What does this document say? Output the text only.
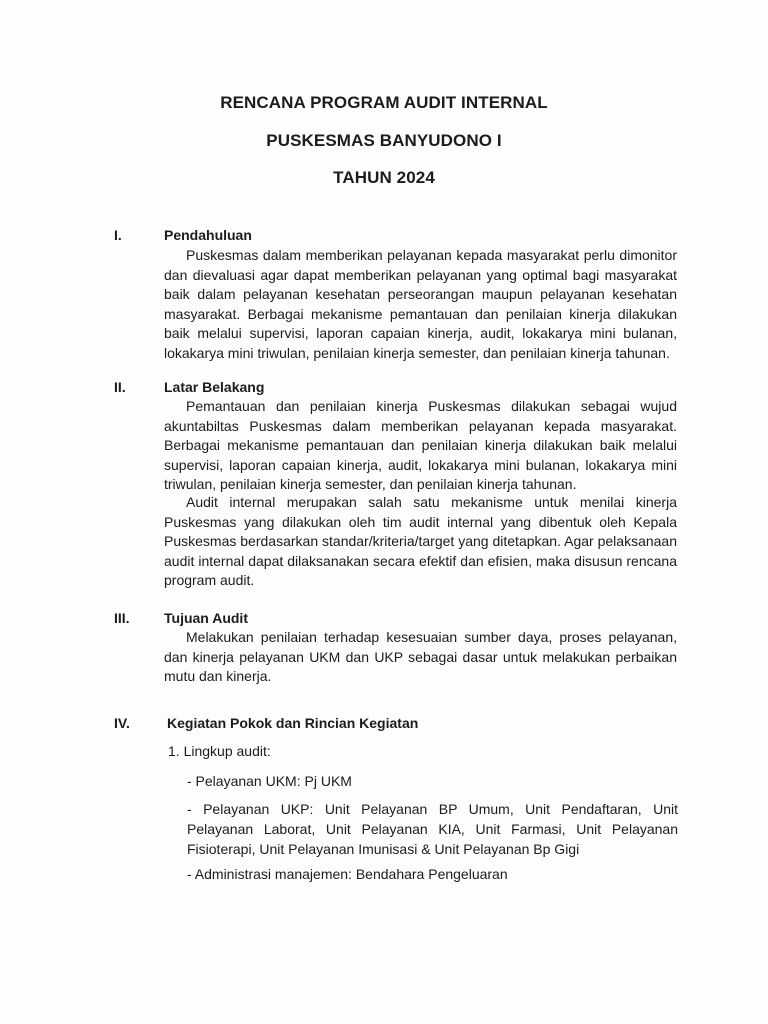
RENCANA PROGRAM AUDIT INTERNAL
PUSKESMAS BANYUDONO I
TAHUN 2024
I.	Pendahuluan

Puskesmas dalam memberikan pelayanan kepada masyarakat perlu dimonitor dan dievaluasi agar dapat memberikan pelayanan yang optimal bagi masyarakat baik dalam pelayanan kesehatan perseorangan maupun pelayanan kesehatan masyarakat. Berbagai mekanisme pemantauan dan penilaian kinerja dilakukan baik melalui supervisi, laporan capaian kinerja, audit, lokakarya mini bulanan, lokakarya mini triwulan, penilaian kinerja semester, dan penilaian kinerja tahunan.

II.	Latar Belakang

Pemantauan dan penilaian kinerja Puskesmas dilakukan sebagai wujud akuntabiltas Puskesmas dalam memberikan pelayanan kepada masyarakat. Berbagai mekanisme pemantauan dan penilaian kinerja dilakukan baik melalui supervisi, laporan capaian kinerja, audit, lokakarya mini bulanan, lokakarya mini triwulan, penilaian kinerja semester, dan penilaian kinerja tahunan.

Audit internal merupakan salah satu mekanisme untuk menilai kinerja Puskesmas yang dilakukan oleh tim audit internal yang dibentuk oleh Kepala Puskesmas berdasarkan standar/kriteria/target yang ditetapkan. Agar pelaksanaan audit internal dapat dilaksanakan secara efektif dan efisien, maka disusun rencana program audit.

III. Tujuan Audit

Melakukan penilaian terhadap kesesuaian sumber daya, proses pelayanan, dan kinerja pelayanan UKM dan UKP sebagai dasar untuk melakukan perbaikan mutu dan kinerja.

IV.	Kegiatan Pokok dan Rincian Kegiatan

1. Lingkup audit:

- Pelayanan UKM: Pj UKM

- Pelayanan UKP: Unit Pelayanan BP Umum, Unit Pendaftaran, Unit Pelayanan Laborat, Unit Pelayanan KIA, Unit Farmasi, Unit Pelayanan Fisioterapi, Unit Pelayanan Imunisasi & Unit Pelayanan Bp Gigi

- Administrasi manajemen: Bendahara Pengeluaran
